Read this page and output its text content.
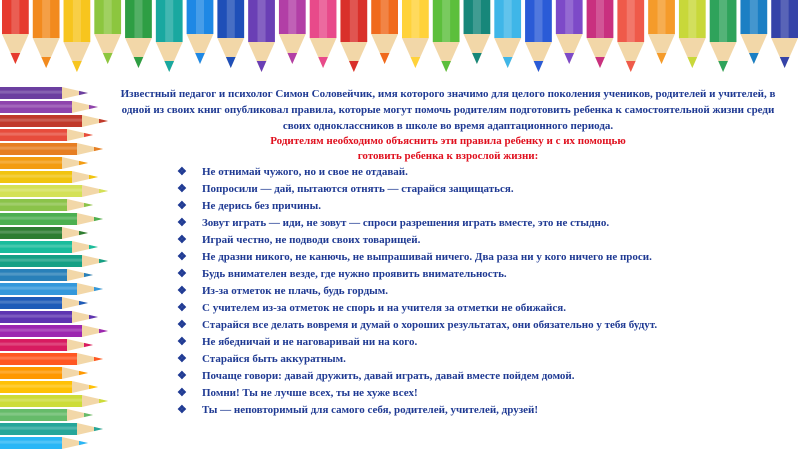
Известный педагог и психолог Симон Соловейчик, имя которого значимо для целого поколения учеников, родителей и учителей, в одной из своих книг опубликовал правила, которые могут помочь родителям подготовить ребенка к самостоятельной жизни среди своих одноклассников в школе во время адаптационного периода.

Родителям необходимо объяснить эти правила ребенку и с их помощью

готовить ребенка к взрослой жизни:

❖ Не отнимай чужого, но и свое не отдавай.
❖ Попросили — дай, пытаются отнять — старайся защищаться.
❖ Не дерись без причины.
❖ Зовут играть — иди, не зовут — спроси разрешения играть вместе, это не стыдно.
❖ Играй честно, не подводи своих товарищей.
❖ Не дразни никого, не канючь, не выпрашивай ничего. Два раза ни у кого ничего не проси.
❖ Будь внимателен везде, где нужно проявить внимательность.
❖ Из-за отметок не плачь, будь гордым.
❖ С учителем из-за отметок не спорь и на учителя за отметки не обижайся.
❖ Старайся все делать вовремя и думай о хороших результатах, они обязательно у тебя будут.
❖ Не ябедничай и не наговаривай ни на кого.
❖ Старайся быть аккуратным.
❖ Почаще говори: давай дружить, давай играть, давай вместе пойдем домой.
❖ Помни! Ты не лучше всех, ты не хуже всех!
❖ Ты — неповторимый для самого себя, родителей, учителей, друзей!
